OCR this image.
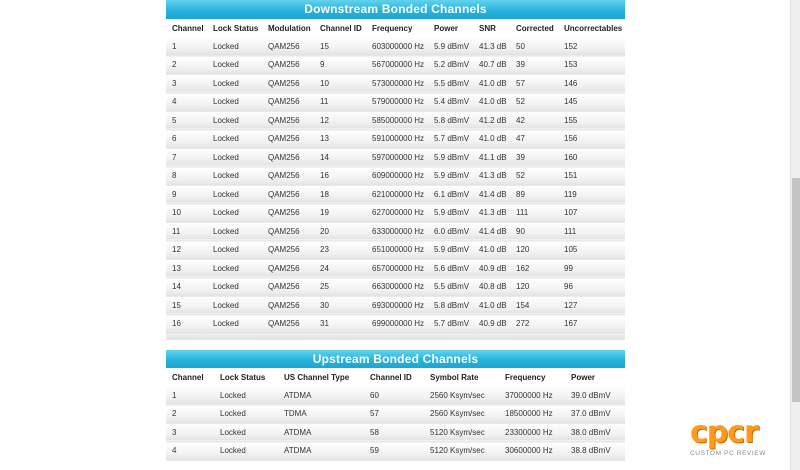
Downstream Bonded Channels
Channel	Lock Status	Modulation	Channel ID	Frequency	Power	SNR	Corrected	Uncorrectables
1	Locked	QAM256	15	603000000 Hz	5.9 dBmV	41.3 dB	50	152
2	Locked	QAM256	9	567000000 Hz	5.2 dBmV	40.7 dB	39	153
3	Locked	QAM256	10	573000000 Hz	5.5 dBmV	41.0 dB	57	146
4	Locked	QAM256	11	579000000 Hz	5.4 dBmV	41.0 dB	52	145
5	Locked	QAM256	12	585000000 Hz	5.8 dBmV	41.2 dB	42	155
6	Locked	QAM256	13	591000000 Hz	5.7 dBmV	41.0 dB	47	156
7	Locked	QAM256	14	597000000 Hz	5.9 dBmV	41.1 dB	39	160
8	Locked	QAM256	16	609000000 Hz	5.9 dBmV	41.3 dB	52	151
9	Locked	QAM256	18	621000000 Hz	6.1 dBmV	41.4 dB	89	119
10	Locked	QAM256	19	627000000 Hz	5.9 dBmV	41.3 dB	111	107
11	Locked	QAM256	20	633000000 Hz	6.0 dBmV	41.4 dB	90	111
12	Locked	QAM256	23	651000000 Hz	5.9 dBmV	41.0 dB	120	105
13	Locked	QAM256	24	657000000 Hz	5.6 dBmV	40.9 dB	162	99
14	Locked	QAM256	25	663000000 Hz	5.5 dBmV	40.8 dB	120	96
15	Locked	QAM256	30	693000000 Hz	5.8 dBmV	41.0 dB	154	127
16	Locked	QAM256	31	699000000 Hz	5.7 dBmV	40.9 dB	272	167
Upstream Bonded Channels
Channel	Lock Status	US Channel Type	Channel ID	Symbol Rate	Frequency	Power
1	Locked	ATDMA	60	2560 Ksym/sec	37000000 Hz	39.0 dBmV
2	Locked	TDMA	57	2560 Ksym/sec	18500000 Hz	37.0 dBmV
3	Locked	ATDMA	58	5120 Ksym/sec	23300000 Hz	38.0 dBmV
4	Locked	ATDMA	59	5120 Ksym/sec	30600000 Hz	38.8 dBmV
cpcr
CUSTOM PC REVIEW
